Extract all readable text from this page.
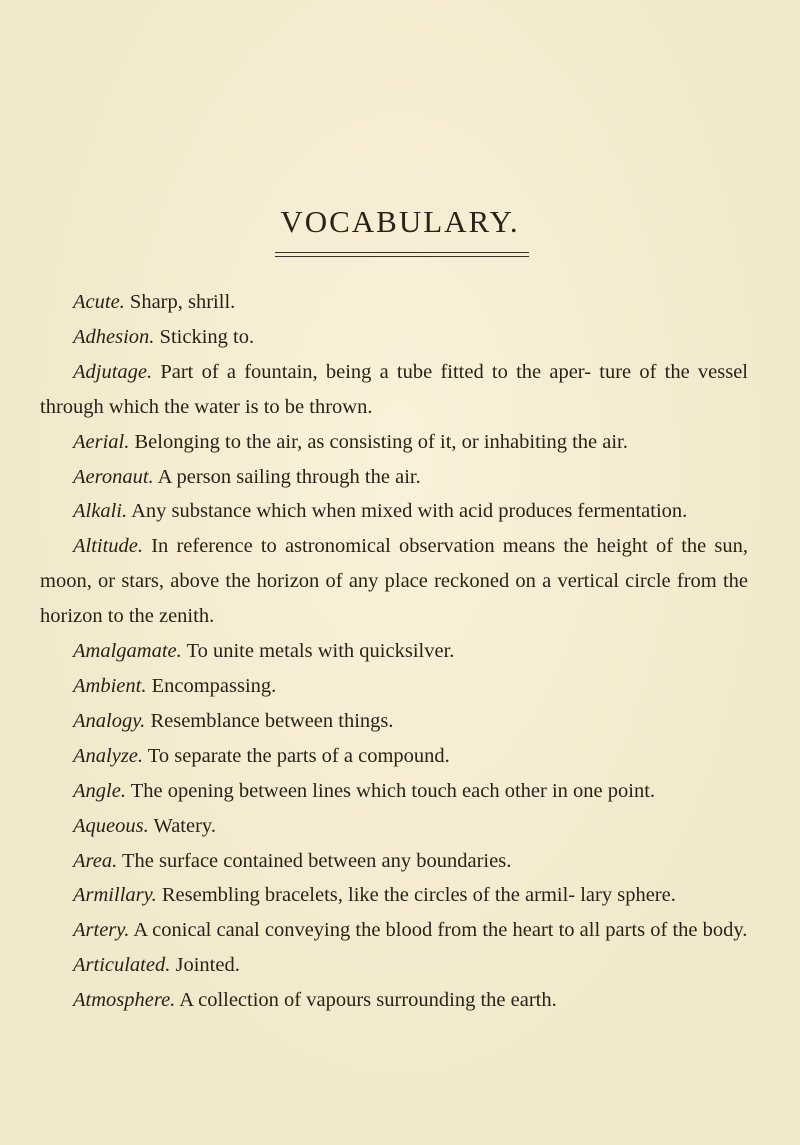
VOCABULARY.

Acute. Sharp, shrill.

Adhesion. Sticking to.

Adjutage. Part of a fountain, being a tube fitted to the aper- ture of the vessel through which the water is to be thrown.

Aerial. Belonging to the air, as consisting of it, or inhabiting the air.

Aeronaut. A person sailing through the air.

Alkali. Any substance which when mixed with acid produces fermentation.

Altitude. In reference to astronomical observation means the height of the sun, moon, or stars, above the horizon of any place reckoned on a vertical circle from the horizon to the zenith.

Amalgamate. To unite metals with quicksilver.

Ambient. Encompassing.

Analogy. Resemblance between things.

Analyze. To separate the parts of a compound.

Angle. The opening between lines which touch each other in one point.

Aqueous. Watery.

Area. The surface contained between any boundaries.

Armillary. Resembling bracelets, like the circles of the armil- lary sphere.

Artery. A conical canal conveying the blood from the heart to all parts of the body.

Articulated. Jointed.

Atmosphere. A collection of vapours surrounding the earth.
